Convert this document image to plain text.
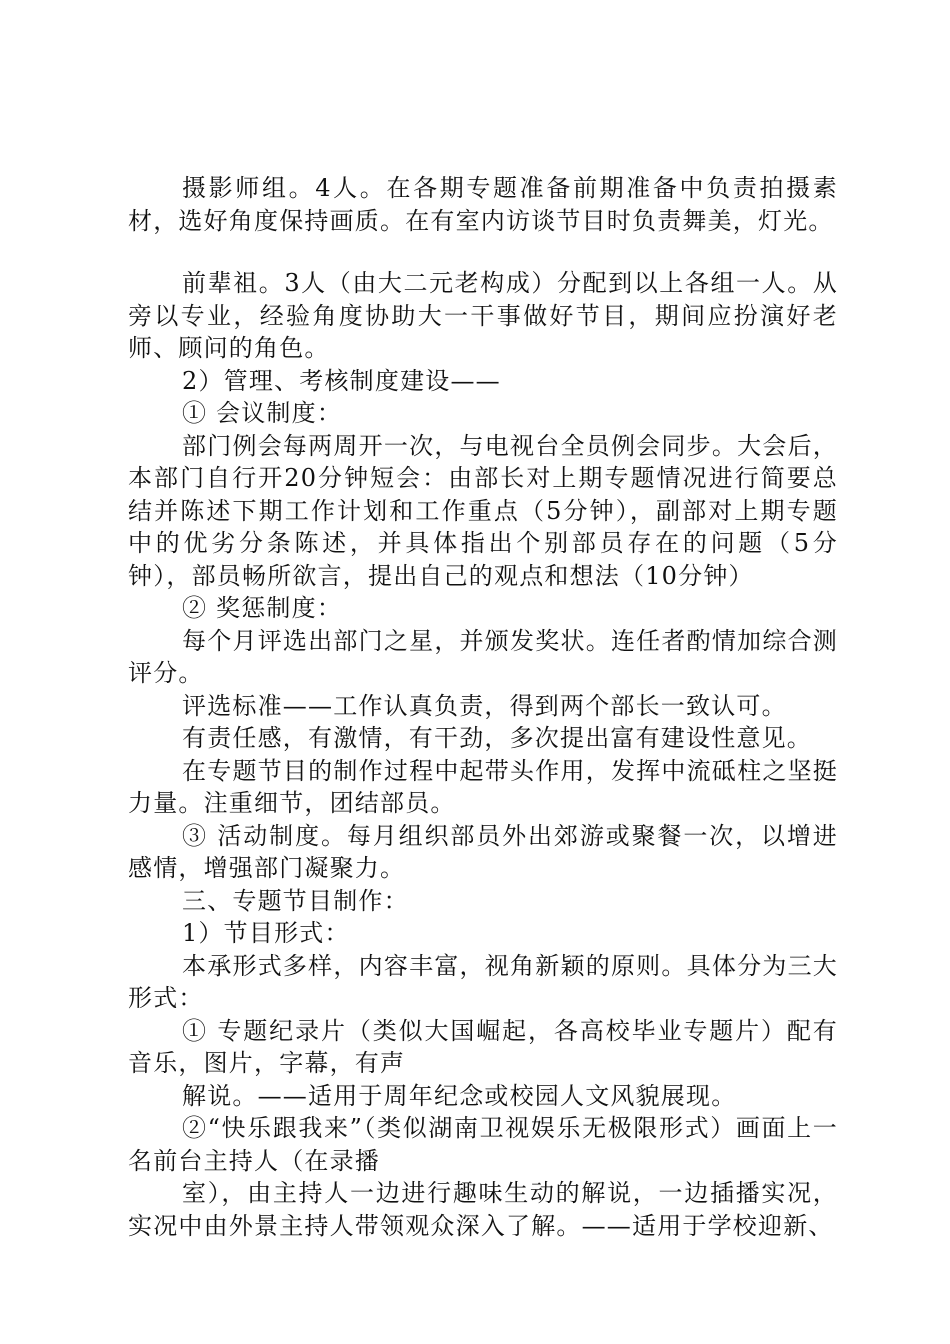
摄影师组。4人。在各期专题准备前期准备中负责拍摄素材，选好角度保持画质。在有室内访谈节目时负责舞美，灯光。

前辈祖。3人（由大二元老构成）分配到以上各组一人。从旁以专业，经验角度协助大一干事做好节目，期间应扮演好老师、顾问的角色。

2）管理、考核制度建设——

① 会议制度：

部门例会每两周开一次，与电视台全员例会同步。大会后，本部门自行开20分钟短会：由部长对上期专题情况进行简要总结并陈述下期工作计划和工作重点（5分钟），副部对上期专题中的优劣分条陈述，并具体指出个别部员存在的问题（5分钟），部员畅所欲言，提出自己的观点和想法（10分钟）

② 奖惩制度：

每个月评选出部门之星，并颁发奖状。连任者酌情加综合测评分。

评选标准——工作认真负责，得到两个部长一致认可。

有责任感，有激情，有干劲，多次提出富有建设性意见。

在专题节目的制作过程中起带头作用，发挥中流砥柱之坚挺力量。注重细节，团结部员。

③ 活动制度。每月组织部员外出郊游或聚餐一次，以增进感情，增强部门凝聚力。

三、专题节目制作：

1）节目形式：

本承形式多样，内容丰富，视角新颖的原则。具体分为三大形式：

① 专题纪录片（类似大国崛起，各高校毕业专题片）配有音乐，图片，字幕，有声

解说。——适用于周年纪念或校园人文风貌展现。

②“快乐跟我来”（类似湖南卫视娱乐无极限形式）画面上一名前台主持人（在录播

室），由主持人一边进行趣味生动的解说，一边插播实况，实况中由外景主持人带领观众深入了解。——适用于学校迎新、
